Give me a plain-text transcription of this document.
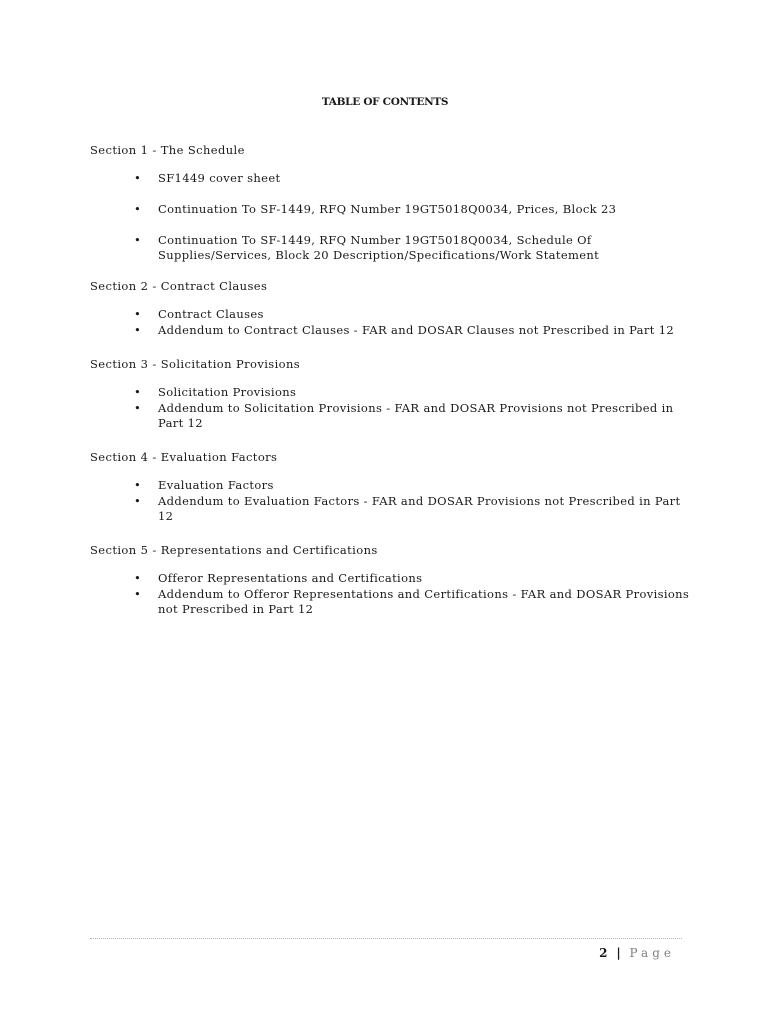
TABLE OF CONTENTS
Section 1 - The Schedule
• SF1449 cover sheet
• Continuation To SF-1449, RFQ Number 19GT5018Q0034, Prices, Block 23
• Continuation To SF-1449, RFQ Number 19GT5018Q0034, Schedule Of Supplies/Services, Block 20 Description/Specifications/Work Statement
Section 2 - Contract Clauses
• Contract Clauses
• Addendum to Contract Clauses - FAR and DOSAR Clauses not Prescribed in Part 12
Section 3 - Solicitation Provisions
• Solicitation Provisions
• Addendum to Solicitation Provisions - FAR and DOSAR Provisions not Prescribed in Part 12
Section 4 - Evaluation Factors
• Evaluation Factors
• Addendum to Evaluation Factors - FAR and DOSAR Provisions not Prescribed in Part 12
Section 5 - Representations and Certifications
• Offeror Representations and Certifications
• Addendum to Offeror Representations and Certifications - FAR and DOSAR Provisions not Prescribed in Part 12
2 | Page
